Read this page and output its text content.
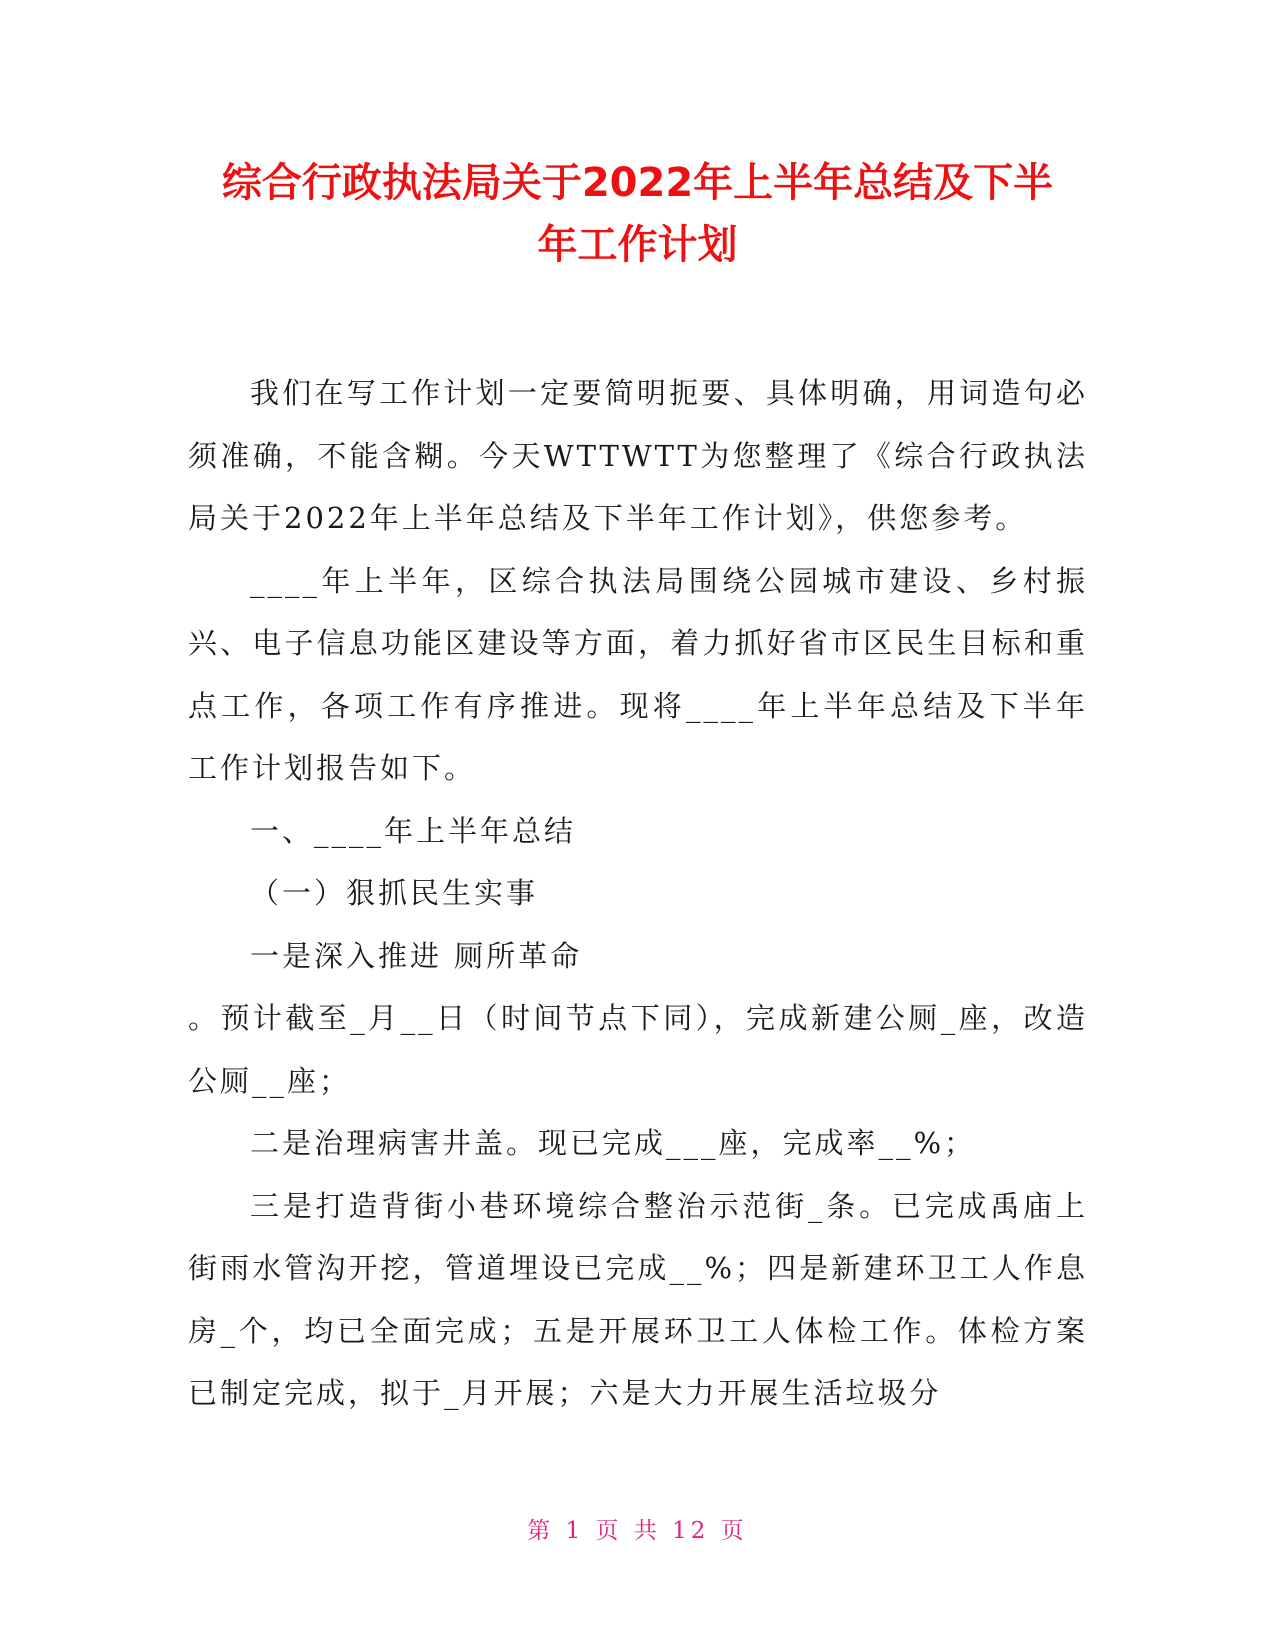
综合行政执法局关于2022年上半年总结及下半
年工作计划

我们在写工作计划一定要简明扼要、具体明确，用词造句必须准确，不能含糊。今天WTTWTT为您整理了《综合行政执法局关于2022年上半年总结及下半年工作计划》，供您参考。

____年上半年，区综合执法局围绕公园城市建设、乡村振兴、电子信息功能区建设等方面，着力抓好省市区民生目标和重点工作，各项工作有序推进。现将____年上半年总结及下半年工作计划报告如下。

一、____年上半年总结

（一）狠抓民生实事

一是深入推进 厕所革命

。预计截至_月__日（时间节点下同），完成新建公厕_座，改造公厕__座；

二是治理病害井盖。现已完成___座，完成率__%；

三是打造背街小巷环境综合整治示范街_条。已完成禹庙上街雨水管沟开挖，管道埋设已完成__%；四是新建环卫工人作息房_个，均已全面完成；五是开展环卫工人体检工作。体检方案已制定完成，拟于_月开展；六是大力开展生活垃圾分

第 1 页 共 12 页
